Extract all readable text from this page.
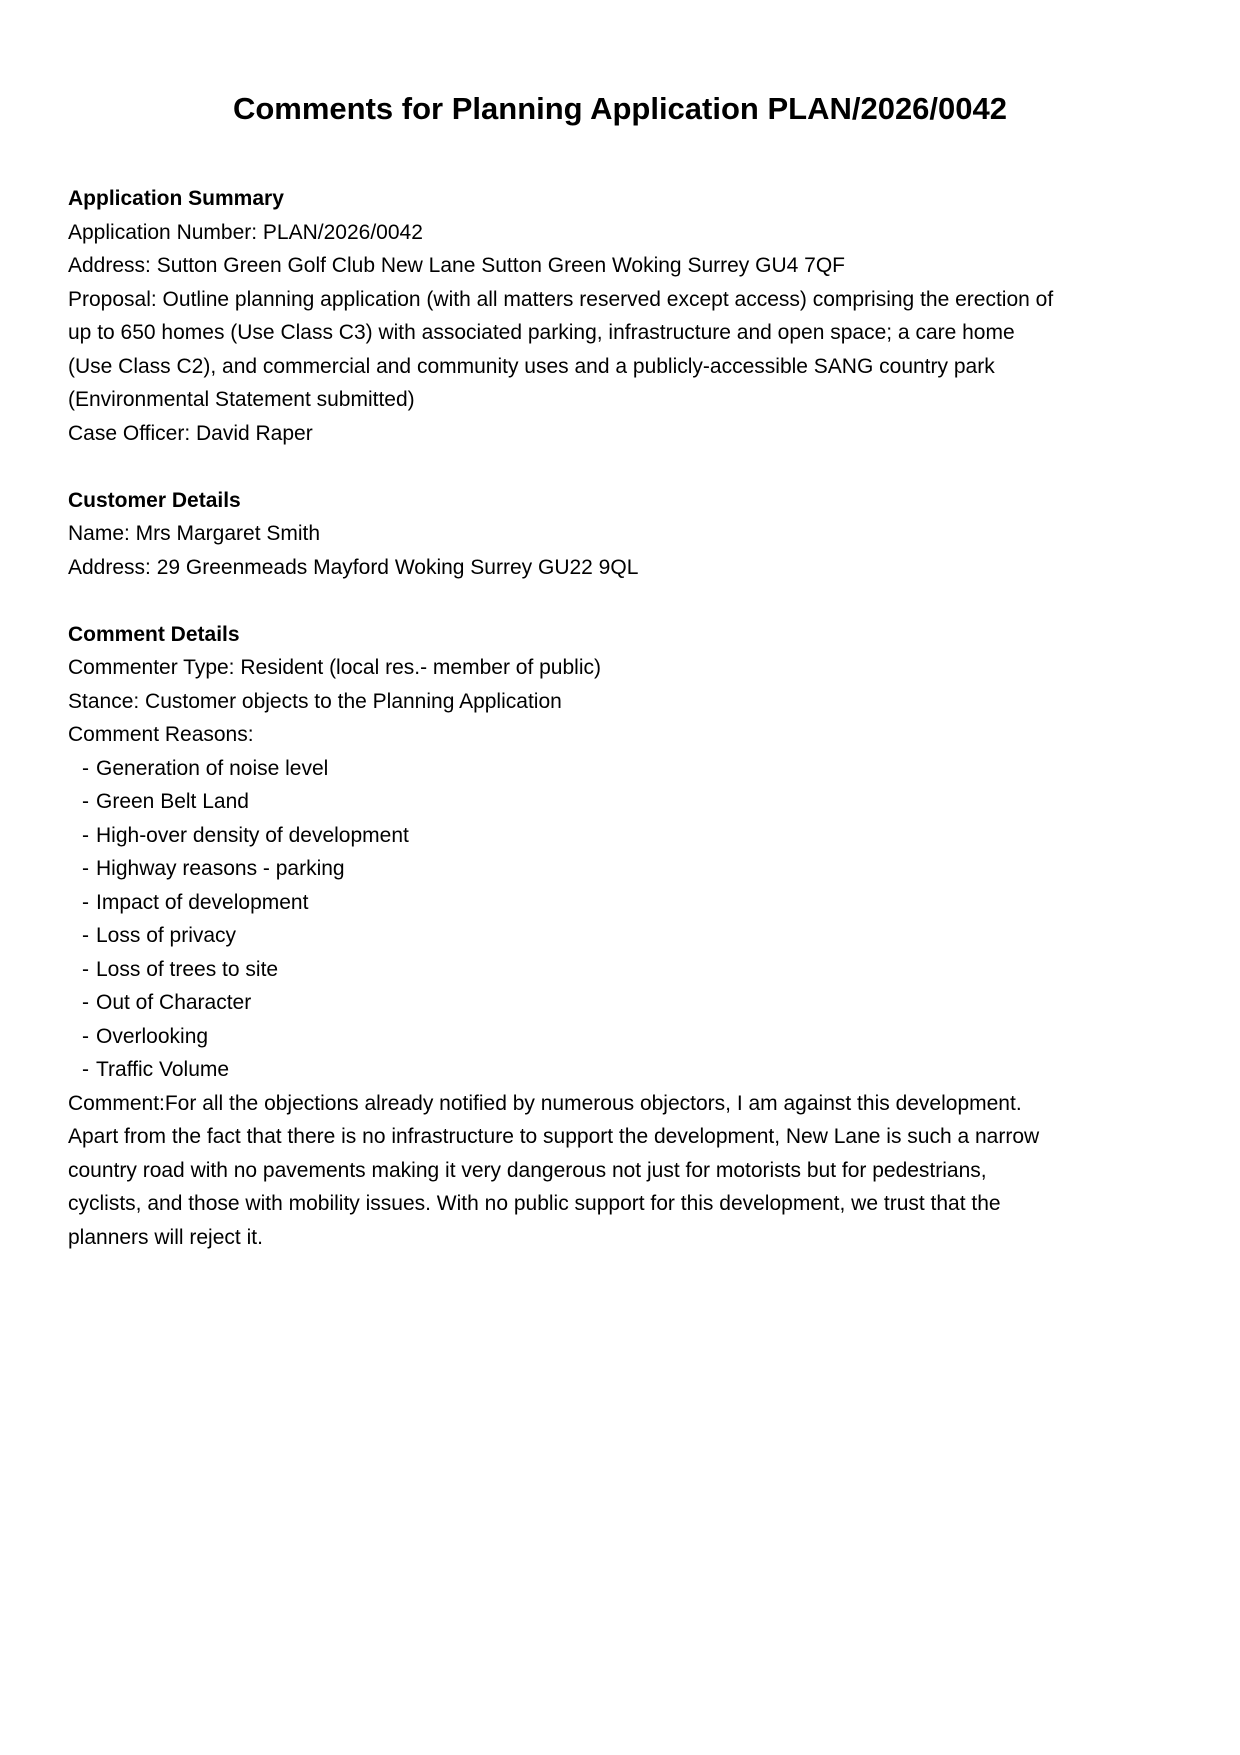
Comments for Planning Application PLAN/2026/0042

Application Summary

Application Number: PLAN/2026/0042

Address: Sutton Green Golf Club New Lane Sutton Green Woking Surrey GU4 7QF

Proposal: Outline planning application (with all matters reserved except access) comprising the erection of up to 650 homes (Use Class C3) with associated parking, infrastructure and open space; a care home (Use Class C2), and commercial and community uses and a publicly-accessible SANG country park (Environmental Statement submitted)

Case Officer: David Raper

Customer Details

Name: Mrs Margaret Smith

Address: 29 Greenmeads Mayford Woking Surrey GU22 9QL

Comment Details

Commenter Type: Resident (local res.- member of public)

Stance: Customer objects to the Planning Application

Comment Reasons:

- Generation of noise level

- Green Belt Land

- High-over density of development

- Highway reasons - parking

- Impact of development

- Loss of privacy

- Loss of trees to site

- Out of Character

- Overlooking

- Traffic Volume

Comment:For all the objections already notified by numerous objectors, I am against this development. Apart from the fact that there is no infrastructure to support the development, New Lane is such a narrow country road with no pavements making it very dangerous not just for motorists but for pedestrians, cyclists, and those with mobility issues. With no public support for this development, we trust that the planners will reject it.
